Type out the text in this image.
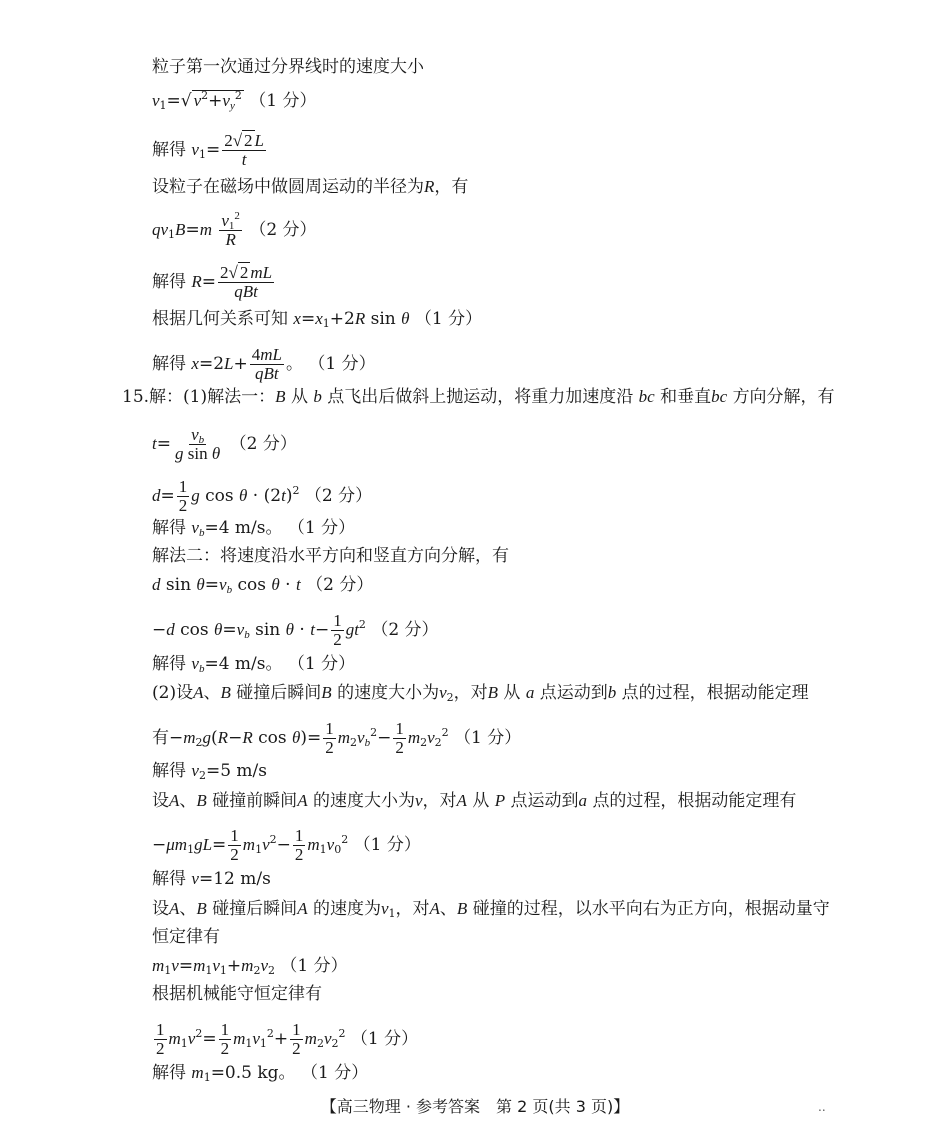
粒子第一次通过分界线时的速度大小
$v_1=√$ $v^2+v_y^2$ （1 分）
解得 $v_1= \frac{2√ 2 L}{t}$
设粒子在磁场中做圆周运动的半径为R，有
$qv_1B=m \frac{v_1^2}{R} (2$ 分）
解得 $R= \frac{2√ 2 mL}{\text{qBt}}$
根据几何关系可知 $x=x_1+2R$ sin θ （1 分）
解得 $x=2L+ \frac{4mL}{\text{qBt}}$ 。 （1 分）
15.解：(1)解法一：B 从 b 点飞出后做斜上抛运动，将重力加速度沿 bc 和垂直bc 方向分解，有
$t= \frac{v_b}{\text{g sin θ}} (2$ 分）
$d= \frac{1}{2}$ g $\cos \theta \cdot (2t)^2$ （2 分）
解得 $v_b=4$ m/s。 （1 分）
解法二：将速度沿水平方向和竖直方向分解，有
d $\sin \theta=v_b$ cos θ · t （2 分）
−d $\cos \theta=v_b$ $\sin \theta \cdot t- \frac{1}{2} gt^2$ （2 分）
解得 $v_b=4$ m/s。 （1 分）
(2)设A、B 碰撞后瞬间B 的速度大小为$v_2$，对B 从 a 点运动到b 点的过程，根据动能定理
有$-m_2g(R-R$ $\cos \theta)= \frac{1}{2} m_2v_b^2- \frac{1}{2} m_2v_2^2$ （1 分）
解得 $v_2=5$ m/s
设A、B 碰撞前瞬间A 的速度大小为v，对A 从 P 点运动到a 点的过程，根据动能定理有
$-\mu m_1gL= \frac{1}{2} m_1v^2- \frac{1}{2} m_1v_0^2$ （1 分）
解得 v=12 m/s
设A、B 碰撞后瞬间A 的速度为$v_1$，对A、B 碰撞的过程，以水平向右为正方向，根据动量守
恒定律有
$m_1v=m_1v_1+m_2v_2$ （1 分）
根据机械能守恒定律有
$\frac{1}{2} m_1v^2= \frac{1}{2} m_1v_1^2+ \frac{1}{2} m_2v_2^2$ （1 分）
解得 $m_1=0.5$ kg。 （1 分）
【高三物理 · 参考答案　第 2 页(共 3 页)】	..
